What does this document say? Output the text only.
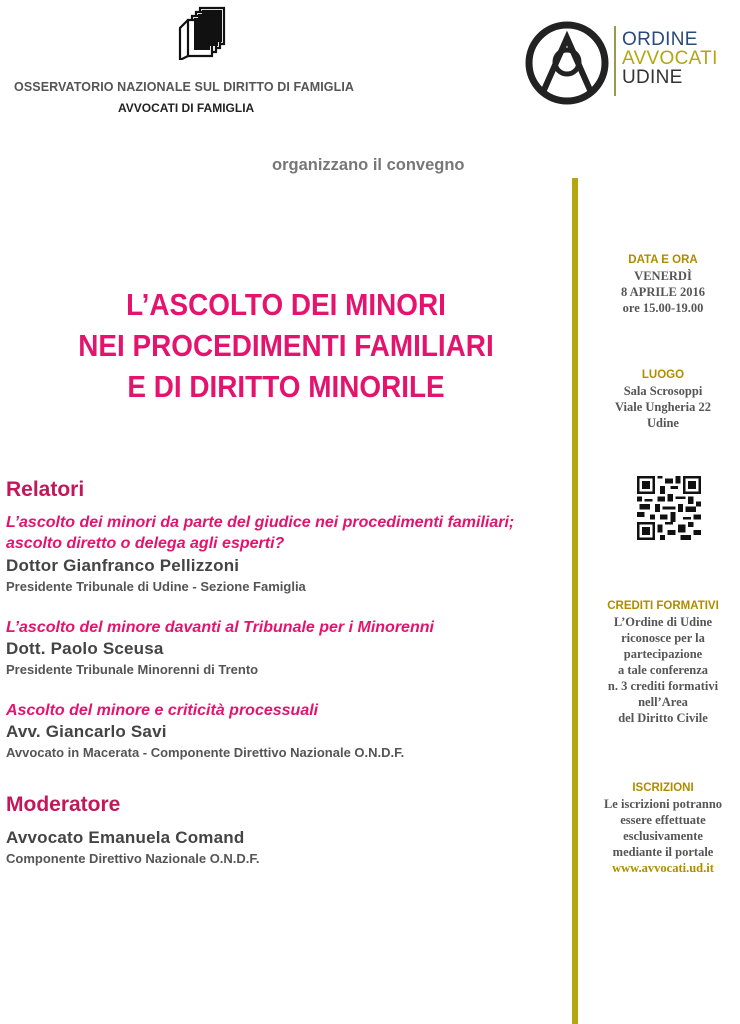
OSSERVATORIO NAZIONALE SUL DIRITTO DI FAMIGLIA
AVVOCATI DI FAMIGLIA
ORDINE
AVVOCATI
UDINE
organizzano il convegno
L’ASCOLTO DEI MINORI
NEI PROCEDIMENTI FAMILIARI
E DI DIRITTO MINORILE
Relatori
L’ascolto dei minori da parte del giudice nei procedimenti familiari; ascolto diretto o delega agli esperti?
Dottor Gianfranco Pellizzoni
Presidente Tribunale di Udine - Sezione Famiglia
L’ascolto del minore davanti al Tribunale per i Minorenni
Dott. Paolo Sceusa
Presidente Tribunale Minorenni di Trento
Ascolto del minore e criticità processuali
Avv. Giancarlo Savi
Avvocato in Macerata - Componente Direttivo Nazionale O.N.D.F.
Moderatore
Avvocato Emanuela Comand
Componente Direttivo Nazionale O.N.D.F.
DATA E ORA
VENERDÌ
8 APRILE 2016
ore 15.00-19.00
LUOGO
Sala Scrosoppi
Viale Ungheria 22
Udine
CREDITI FORMATIVI
L’Ordine di Udine
riconosce per la
partecipazione
a tale conferenza
n. 3 crediti formativi
nell’Area
del Diritto Civile
ISCRIZIONI
Le iscrizioni potranno
essere effettuate
esclusivamente
mediante il portale
www.avvocati.ud.it
